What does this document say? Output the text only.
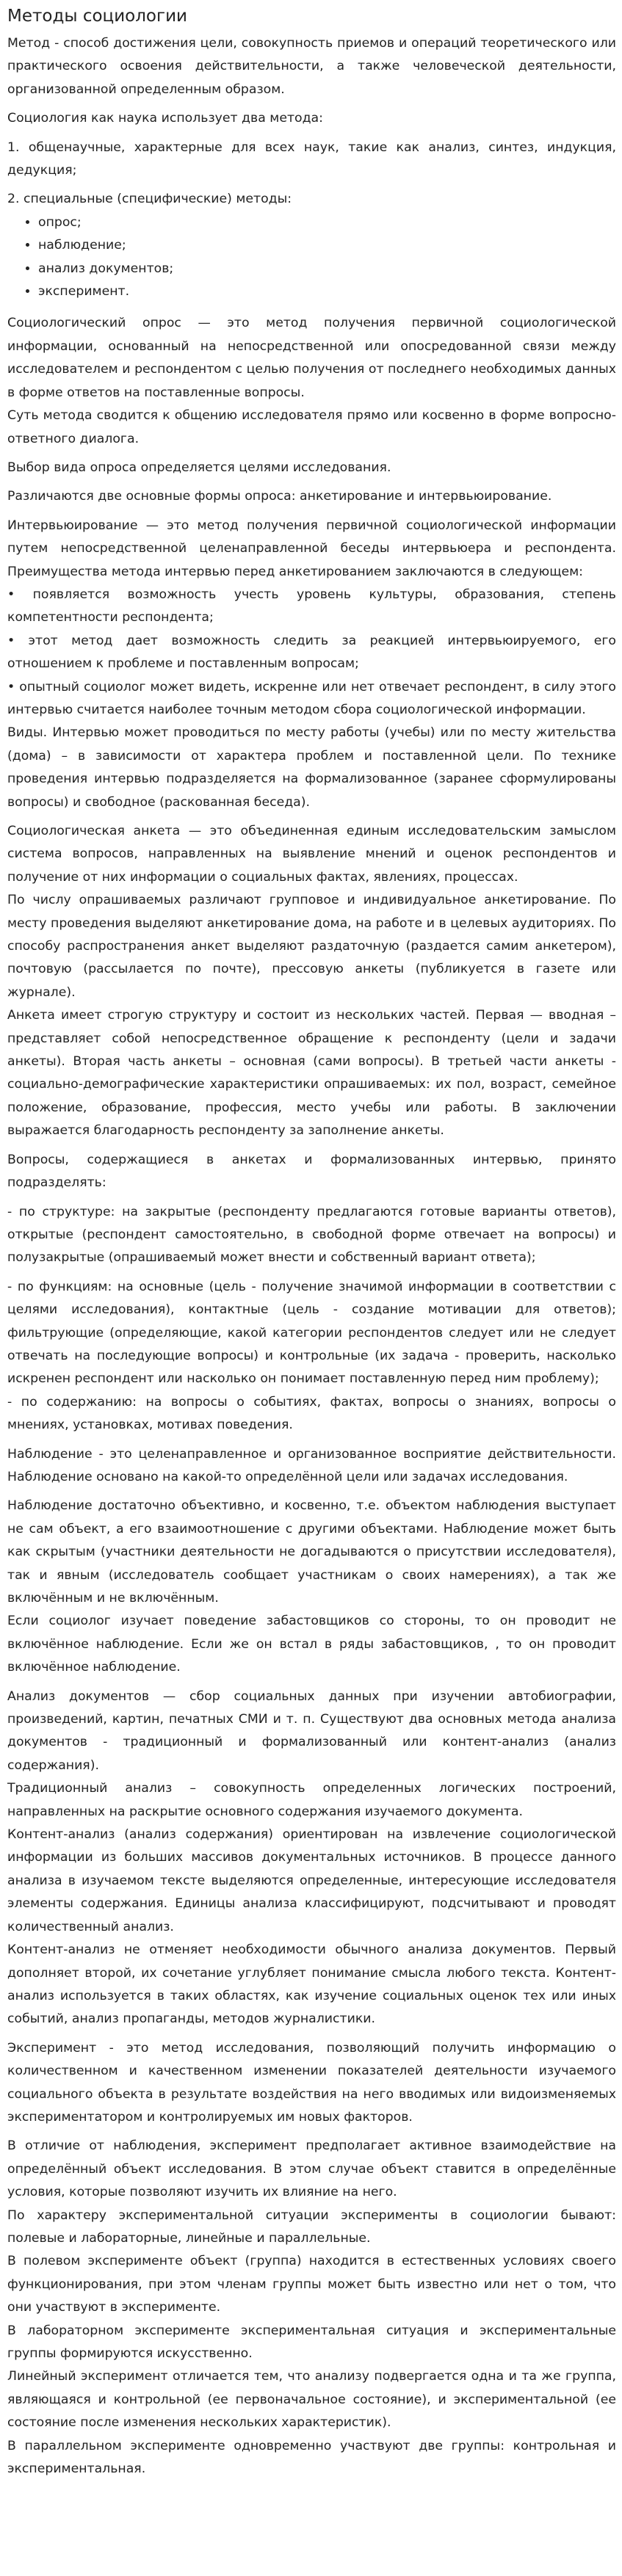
Методы социологии

Метод - способ достижения цели, совокупность приемов и операций теоретического или практического освоения действительности, а также человеческой деятельности, организованной определенным образом.

Социология как наука использует два метода:

1. общенаучные, характерные для всех наук, такие как анализ, синтез, индукция, дедукция;

2. специальные (специфические) методы:

• опрос;
• наблюдение;
• анализ документов;
• эксперимент.

Социологический опрос — это метод получения первичной социологической информации, основанный на непосредственной или опосредованной связи между исследователем и респондентом с целью получения от последнего необходимых данных в форме ответов на поставленные вопросы.

Суть метода сводится к общению исследователя прямо или косвенно в форме вопросно-ответного диалога.

Выбор вида опроса определяется целями исследования.

Различаются две основные формы опроса: анкетирование и интервьюирование.

Интервьюирование — это метод получения первичной социологической информации путем непосредственной целенаправленной беседы интервьюера и респондента. Преимущества метода интервью перед анкетированием заключаются в следующем:

• появляется возможность учесть уровень культуры, образования, степень компетентности респондента;

• этот метод дает возможность следить за реакцией интервьюируемого, его отношением к проблеме и поставленным вопросам;

• опытный социолог может видеть, искренне или нет отвечает респондент, в силу этого интервью считается наиболее точным методом сбора социологической информации.

Виды. Интервью может проводиться по месту работы (учебы) или по месту жительства (дома) – в зависимости от характера проблем и поставленной цели. По технике проведения интервью подразделяется на формализованное (заранее сформулированы вопросы) и свободное (раскованная беседа).

Социологическая анкета — это объединенная единым исследовательским замыслом система вопросов, направленных на выявление мнений и оценок респондентов и получение от них информации о социальных фактах, явлениях, процессах.

По числу опрашиваемых различают групповое и индивидуальное анкетирование. По месту проведения выделяют анкетирование дома, на работе и в целевых аудиториях. По способу распространения анкет выделяют раздаточную (раздается самим анкетером), почтовую (рассылается по почте), прессовую анкеты (публикуется в газете или журнале).

Анкета имеет строгую структуру и состоит из нескольких частей. Первая — вводная – представляет собой непосредственное обращение к респонденту (цели и задачи анкеты). Вторая часть анкеты – основная (сами вопросы). В третьей части анкеты - социально-демографические характеристики опрашиваемых: их пол, возраст, семейное положение, образование, профессия, место учебы или работы. В заключении выражается благодарность респонденту за заполнение анкеты.

Вопросы, содержащиеся в анкетах и формализованных интервью, принято подразделять:

- по структуре: на закрытые (респонденту предлагаются готовые варианты ответов), открытые (респондент самостоятельно, в свободной форме отвечает на вопросы) и полузакрытые (опрашиваемый может внести и собственный вариант ответа);

- по функциям: на основные (цель - получение значимой информации в соответствии с целями исследования), контактные (цель - создание мотивации для ответов); фильтрующие (определяющие, какой категории респондентов следует или не следует отвечать на последующие вопросы) и контрольные (их задача - проверить, насколько искренен респондент или насколько он понимает поставленную перед ним проблему);

- по содержанию: на вопросы о событиях, фактах, вопросы о знаниях, вопросы о мнениях, установках, мотивах поведения.

Наблюдение - это целенаправленное и организованное восприятие действительности. Наблюдение основано на какой-то определённой цели или задачах исследования.

Наблюдение достаточно объективно, и косвенно, т.е. объектом наблюдения выступает не сам объект, а его взаимоотношение с другими объектами. Наблюдение может быть как скрытым (участники деятельности не догадываются о присутствии исследователя), так и явным (исследователь сообщает участникам о своих намерениях), а так же включённым и не включённым.

Если социолог изучает поведение забастовщиков со стороны, то он проводит не включённое наблюдение. Если же он встал в ряды забастовщиков, , то он проводит включённое наблюдение.

Анализ документов — сбор социальных данных при изучении автобиографии, произведений, картин, печатных СМИ и т. п. Существуют два основных метода анализа документов - традиционный и формализованный или контент-анализ (анализ содержания).

Традиционный анализ – совокупность определенных логических построений, направленных на раскрытие основного содержания изучаемого документа.

Контент-анализ (анализ содержания) ориентирован на извлечение социологической информации из больших массивов документальных источников. В процессе данного анализа в изучаемом тексте выделяются определенные, интересующие исследователя элементы содержания. Единицы анализа классифицируют, подсчитывают и проводят количественный анализ.

Контент-анализ не отменяет необходимости обычного анализа документов. Первый дополняет второй, их сочетание углубляет понимание смысла любого текста. Контент-анализ используется в таких областях, как изучение социальных оценок тех или иных событий, анализ пропаганды, методов журналистики.

Эксперимент - это метод исследования, позволяющий получить информацию о количественном и качественном изменении показателей деятельности изучаемого социального объекта в результате воздействия на него вводимых или видоизменяемых экспериментатором и контролируемых им новых факторов.

В отличие от наблюдения, эксперимент предполагает активное взаимодействие на определённый объект исследования. В этом случае объект ставится в определённые условия, которые позволяют изучить их влияние на него.

По характеру экспериментальной ситуации эксперименты в социологии бывают: полевые и лабораторные, линейные и параллельные.

В полевом эксперименте объект (группа) находится в естественных условиях своего функционирования, при этом членам группы может быть известно или нет о том, что они участвуют в эксперименте.

В лабораторном эксперименте экспериментальная ситуация и экспериментальные группы формируются искусственно.

Линейный эксперимент отличается тем, что анализу подвергается одна и та же группа, являющаяся и контрольной (ее первоначальное состояние), и экспериментальной (ее состояние после изменения нескольких характеристик).

В параллельном эксперименте одновременно участвуют две группы: контрольная и экспериментальная.
